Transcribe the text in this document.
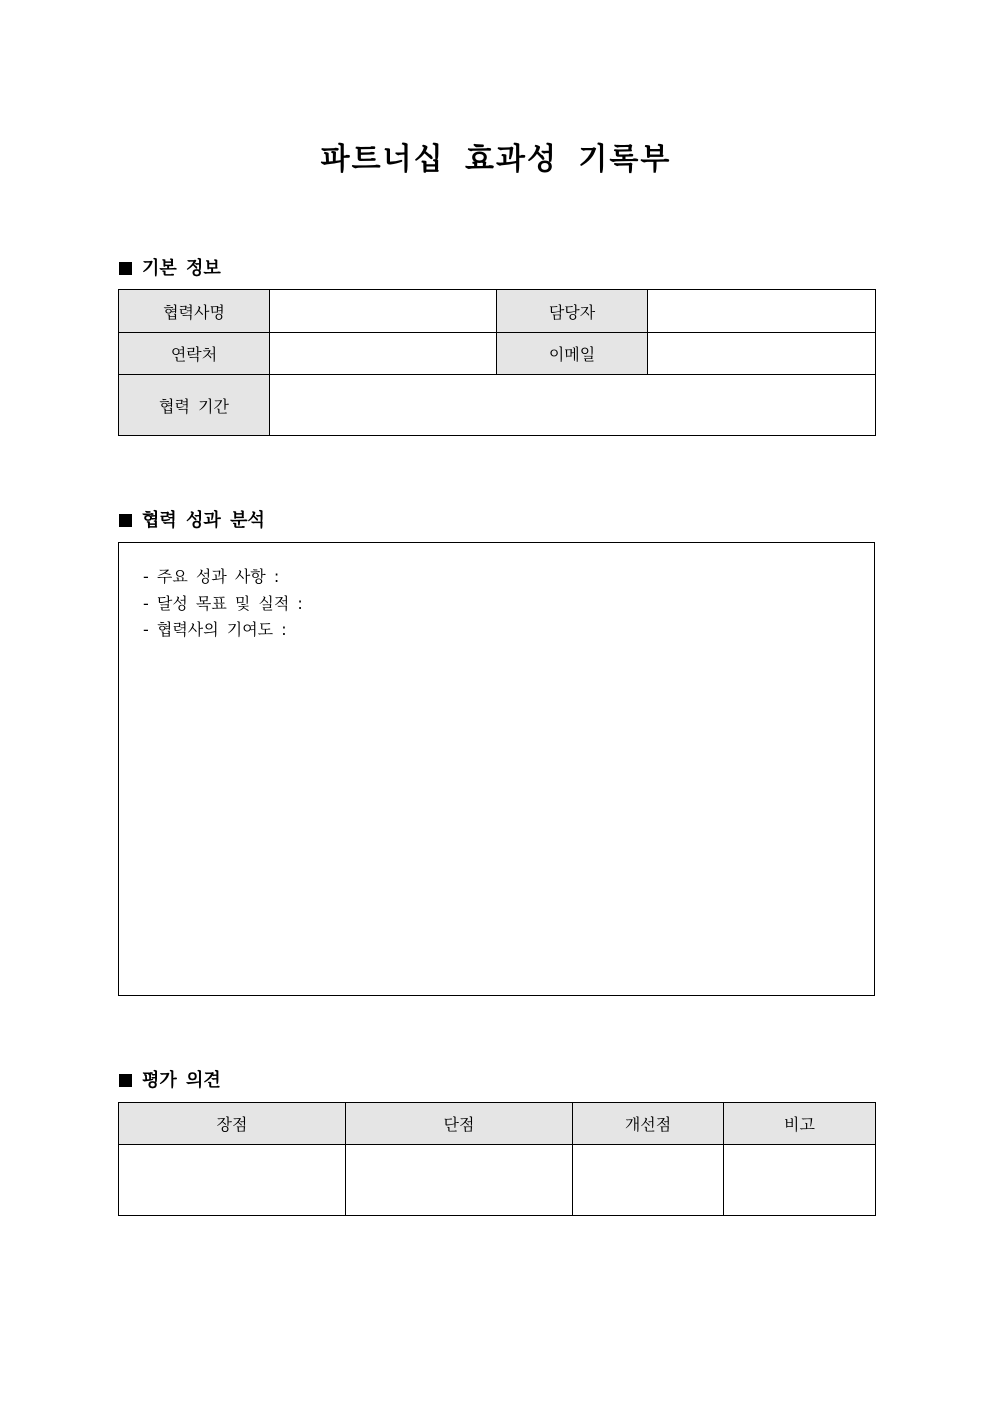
파트너십 효과성 기록부
기본 정보
협력사명		담당자	
연락처		이메일	
협력 기간			
협력 성과 분석
- 주요 성과 사항 :
- 달성 목표 및 실적 :
- 협력사의 기여도 :
평가 의견
장점	단점	개선점	비고
